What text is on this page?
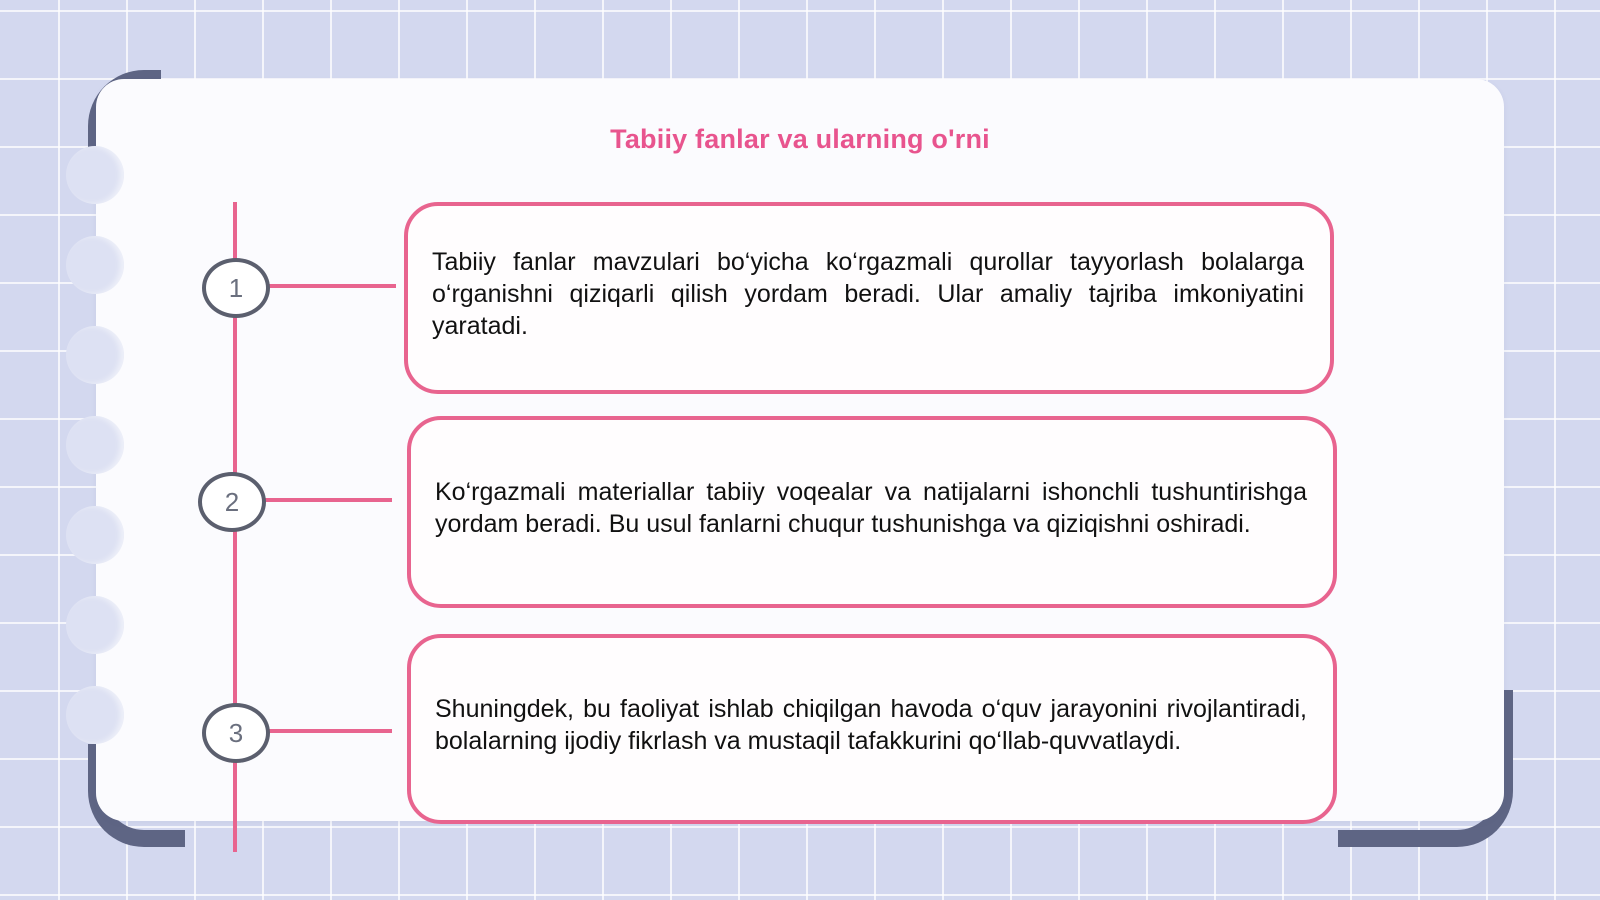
Tabiiy fanlar va ularning o'rni
1

Tabiiy fanlar mavzulari bo‘yicha ko‘rgazmali qurollar tayyorlash bolalarga o‘rganishni qiziqarli qilish yordam beradi. Ular amaliy tajriba imkoniyatini yaratadi.

2	Ko‘rgazmali materiallar tabiiy voqealar va natijalarni ishonchli tushuntirishga yordam beradi. Bu usul fanlarni chuqur tushunishga va qiziqishni oshiradi.

3

Shuningdek, bu faoliyat ishlab chiqilgan havoda o‘quv jarayonini rivojlantiradi, bolalarning ijodiy fikrlash va mustaqil tafakkurini qo‘llab-quvvatlaydi.
